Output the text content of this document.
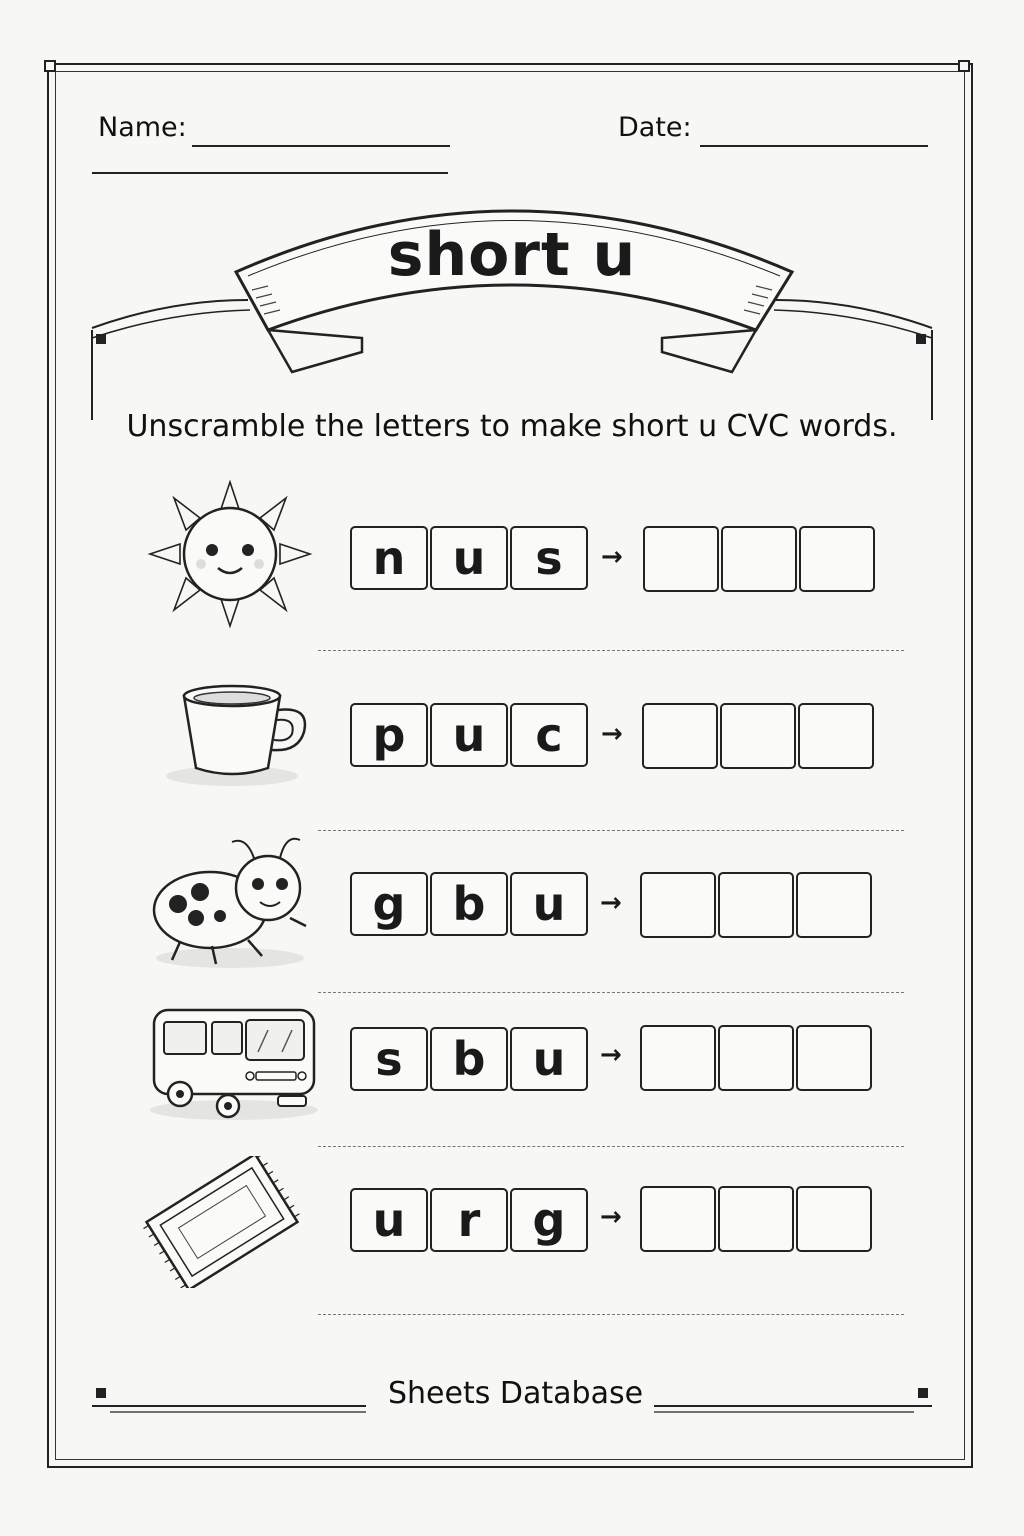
Name:	Date:
short u
Unscramble the letters to make short u CVC words.
n	u	s	→
p	u	c	→
g	b	u	→
s	b	u	→
u	r	g	→
Sheets Database
